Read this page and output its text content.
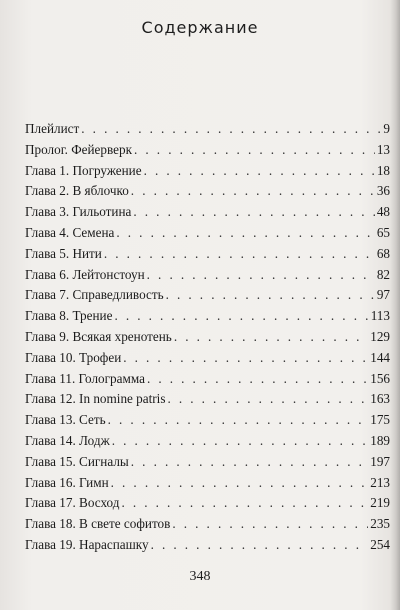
Содержание
Плейлист . . .	9
Пролог. Фейерверк . . .	13
Глава 1. Погружение . . .	18
Глава 2. В яблочко . . .	36
Глава 3. Гильотина . . .	48
Глава 4. Семена . . .	65
Глава 5. Нити . . .	68
Глава 6. Лейтонстоун . . .	82
Глава 7. Справедливость . . .	97
Глава 8. Трение . . .	113
Глава 9. Всякая хренотень . . .	129
Глава 10. Трофеи . . .	144
Глава 11. Голограмма . . .	156
Глава 12. In nomine patris . . .	163
Глава 13. Сеть . . .	175
Глава 14. Лодж . . .	189
Глава 15. Сигналы . . .	197
Глава 16. Гимн . . .	213
Глава 17. Восход . . .	219
Глава 18. В свете софитов . . .	235
Глава 19. Нараспашку . . .	254
348
